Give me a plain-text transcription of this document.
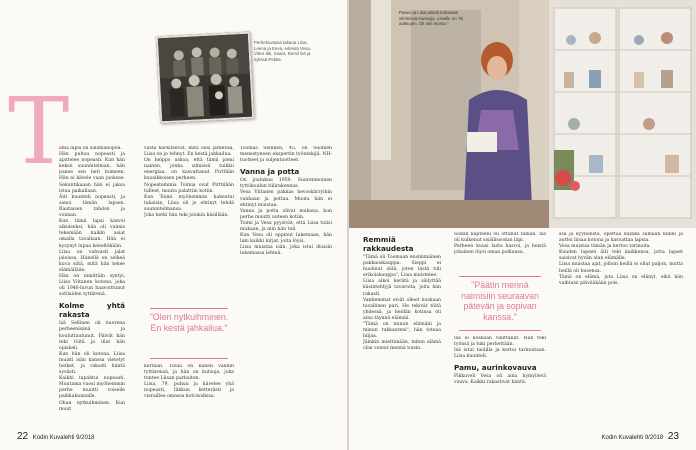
Perhekuvassa takana Liisa, Leena ja Eeva, edessä Vesa, Vilevi äiti, Saara, Eemil isä ja sylissä Pekka.
T

ämä lapsi on salamanopea.

Hän puhuu nopeasti ja ajattelee nopeasti. Kun hän keksii suunnitelman, hän panee sen heti toimeen. Hän ei kävele vaan juoksee. Sekuntikaaan hän ei jaksa istua paikallaan.

Äiti kuunteli nopeasti, ja sanoi tämän lapsen. Rautaisen tahdon ja voiman.

Kun tämä lapsi kasvoi aikuiseksi, hän oli valmis tekemään kaikki asiat omalla tavallaan. Hän ei kysynyt lupaa keneltäkään.

Liisa on vahvasti jalat jaloissa. Hänellä on selkeä kuva siitä, mitä hän tekee elämällään.

Hän on nimittäin syntyi, Liisa Viitanen kotona, joka oli 1940-luvun haavoittunut sotilaiden tyttärenä.

Kolme yhtä rakasta

Isä Sellinen oli nuorena perheenisänä ja kouluttautunut. Päivät hän teki töitä ja illat hän opiskeli.

Kun hän oli kotona, Liisa muisti isän kanssa vietetyt hetket, ja rakasti häntä syvästi.

Kaikki tapahtui nopeasti. Muutama vuosi myöhemmin perhe muutti toiselle paikkakunnalle.

Ohan nytkuihminen. Kun muut

vasta harkitsevat, mitä olisi järkevää, Liisa on jo tehnyt. En kestä jahkailua.

On helppo uskoa, että tämä pieni nainen, jonka silmissä tuikkii energiaa, on kasvattanut Pirttilän kuusikkoisen perheen.

Nopeatemmia Toimia ovat Pirttilään tulleet, muuta palattiin kotiin.

Kun Toimi myöhemmin hakeutui takaisin, Liisa oli jo ehtinyt tehdä suunnitelmansa.

Joka hetki hän teki jotakin käsillään.

"Olen nytkuihminen. En kestä jahkailua."

kertaan. Tuula on hänen vanhin tyttärensä, ja hän on kutsuja, joka tuntee Liisan parhaiten.

Liisa, 79, puhuu ja kävelee yhä nopeasti, liikkuu ketterästi ja vieraillee omassa koti-kodissa.

Toomas Sellinen, 45, on Suomen menestyneen ekspertin työntekijä. NH-tuotteet ja suljentuotteet.

Vanna ja potta

On joulukuu 1959. Suurenmoinen tyttökoulun tiilirakennus.

Vesa Viitanen pakkas hevoskärryihin vanhaan ja pottaa. Muuta hän ei ehtinyt muistaa.

Vanna ja potta olivat mukana, kun perhe muutti uuteen kotiin.

Toimi ja Vesa pyysivät, että Liisa tulisi mukaan, ja niin hän tuli.

Kun Vesa oli oppinut lukemaan, hän luki kaikki kirjat, joita löysi.

Liisa muistaa isän, joka istui iltaisin lukemassa lehteä.

22 Kodin Kuvalehti 9/2018
Paavo ja Liisa pitivät kotonaan vitriinissä muistoja. Liisalle on "Ei aukkojen. Oli niin monta."
Remmiä rakkaudesta

"Tämä oli Toomaan ensimmäinen pakkauskauppa. Sieppi ei huolinut siitä, joten tästä tuli erikoiskauppa", Liisa muistelee.

Liisa alkoi kerätä ja säilyttää käsintehtyjä tavaroita, joita hän rakasti.

Vanhemmat eivät olleet koskaan tavallinen pari. He tekivät töitä yhdessä, ja heidän kotinsa oli aina täynnä elämää.

"Tämä on minun elämäni ja minun rakkauteni", hän toteaa hiljaa.

Jäinkin miettimään, miten elämä olisi voinut mennä toisin.

Sodan kapteeni oli ottanut tämän. Isä oli kulkenut sisällissodan läpi.

Perheen kuusi lasta kasvoi, ja heistä jokainen löysi oman polkunsa.

"Päätin mennä naimisiin seuraavan pätevän ja sopivan kanssa."

Isä ei koskaan valittanut. Hän teki työnsä ja tuki perhettään.

Isä istui tuolilla ja kertoi tarinoitaan. Liisa kuunteli.

Pamu, aurinkovauva

Pikkuveli Vesa oli aina hymyilevä vauva. Kaikki rakastivat häntä.

ssä ja kyynelistä, opettaa kuinka samaan kiinni ja auttoi liisaa kotona ja kasvattaa lapsia.

Vesa muistaa tämän ja kertoo tarinoita.

Kuuden lapsen äiti teki kaikkensa, jotta lapset saisivat hyvän alun elämälle.

Liisa muistaa ajat, jolloin heillä ei ollut paljon, mutta heillä oli toisensa.

Tämä on elämä, jota Liisa on elänyt, eikä hän vaihtaisi päivääkään pois.

Kodin Kuvalehti 9/2018 23
